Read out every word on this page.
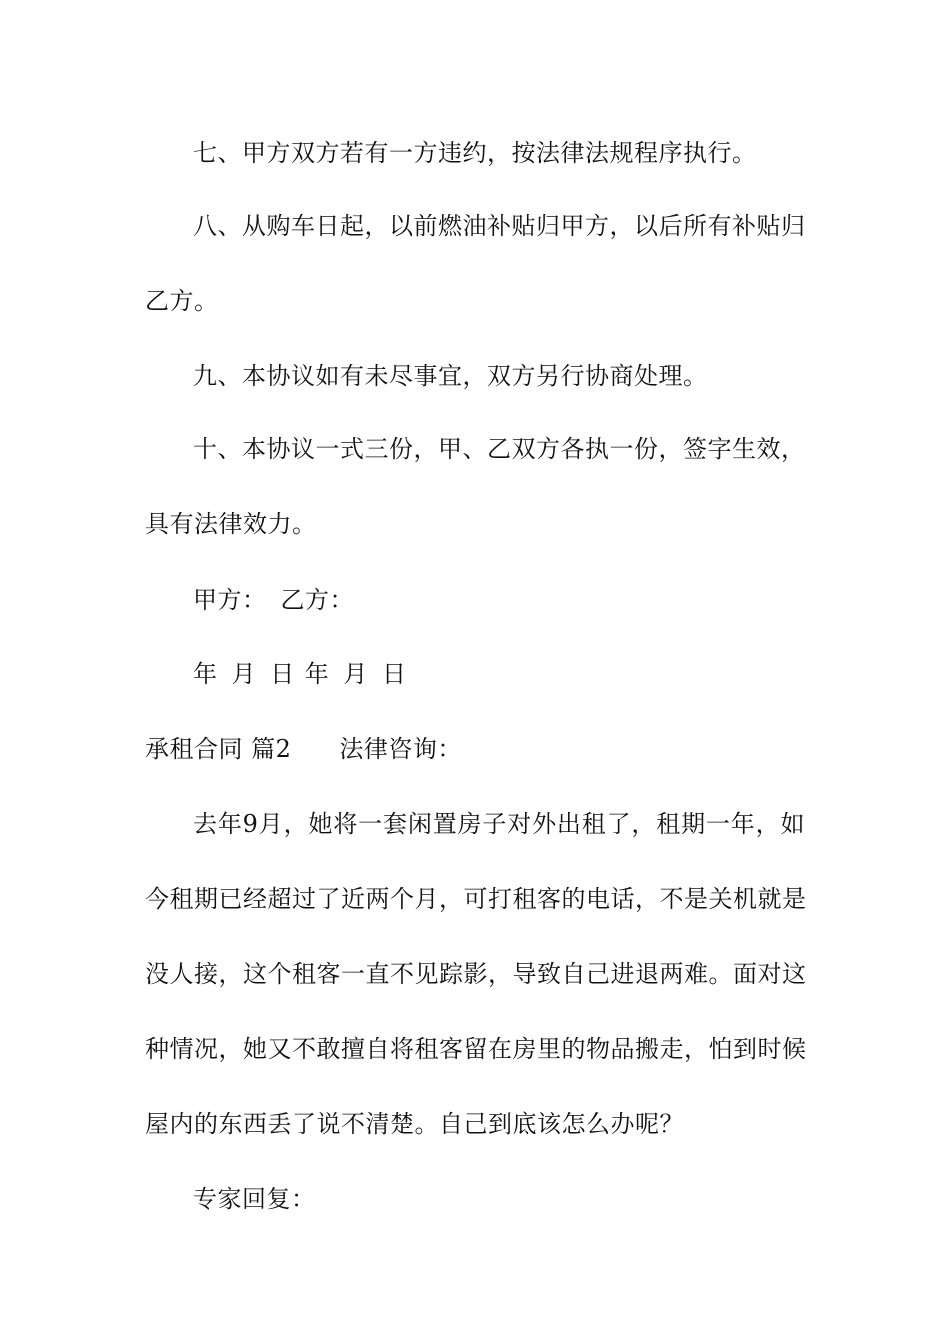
七、甲方双方若有一方违约，按法律法规程序执行。
八、从购车日起，以前燃油补贴归甲方，以后所有补贴归
乙方。
九、本协议如有未尽事宜，双方另行协商处理。
十、本协议一式三份，甲、乙双方各执一份，签字生效，
具有法律效力。
甲方： 乙方：
年 月 日 年 月 日
承租合同 篇2 法律咨询：
去年9月，她将一套闲置房子对外出租了，租期一年，如
今租期已经超过了近两个月，可打租客的电话，不是关机就是
没人接，这个租客一直不见踪影，导致自己进退两难。面对这
种情况，她又不敢擅自将租客留在房里的物品搬走，怕到时候
屋内的东西丢了说不清楚。自己到底该怎么办呢？
专家回复：
